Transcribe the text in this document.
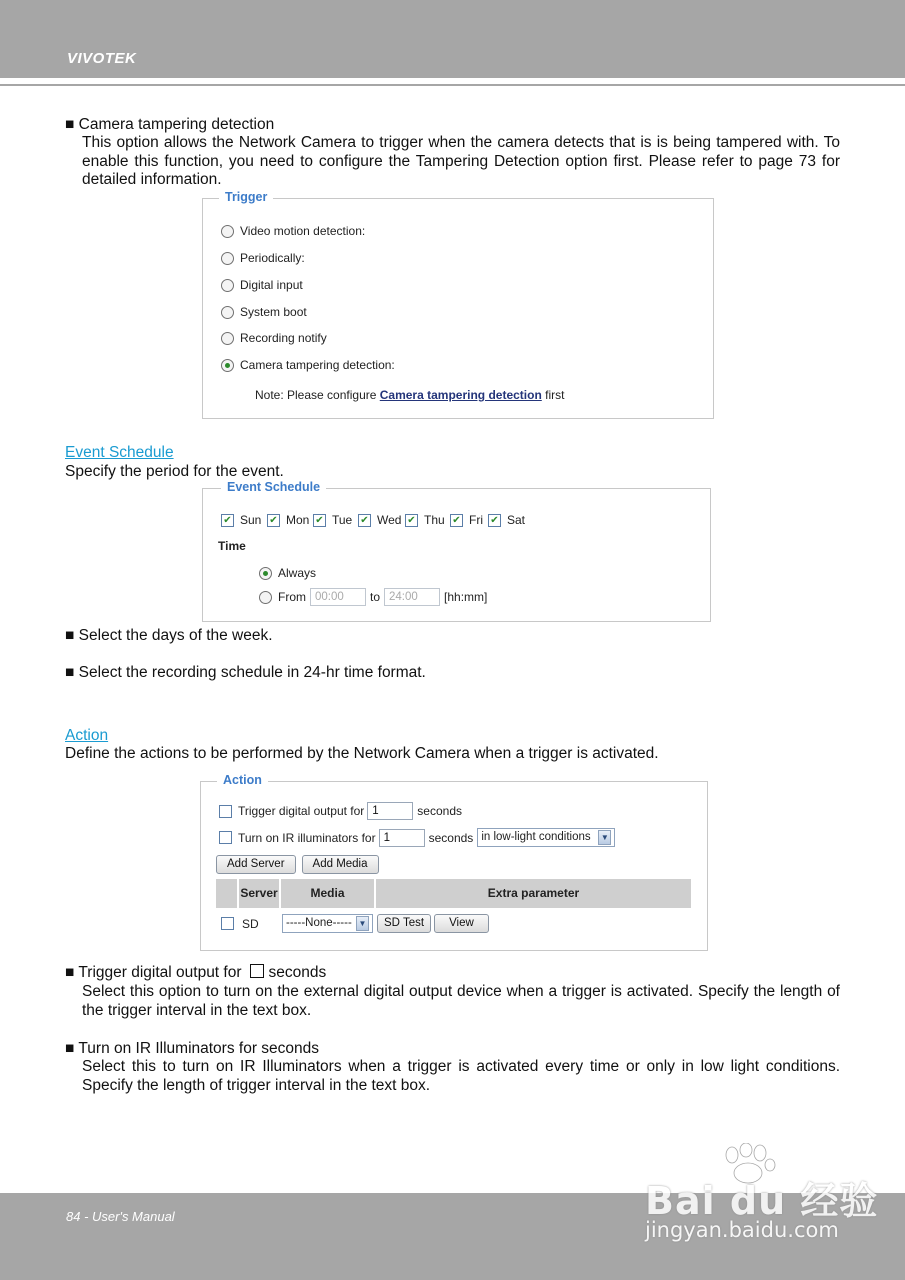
VIVOTEK
■ Camera tampering detection
This option allows the Network Camera to trigger when the camera detects that is is being tampered with. To enable this function, you need to configure the Tampering Detection option first. Please refer to page 73 for detailed information.
Trigger
Video motion detection:
Periodically:
Digital input
System boot
Recording notify
Camera tampering detection:
Note: Please configure Camera tampering detection first
Event Schedule
Specify the period for the event.
Event Schedule
✔ Sun ✔ Mon ✔ Tue ✔ Wed ✔ Thu ✔ Fri ✔ Sat
Time
Always
From 00:00	to 24:00	[hh:mm]
■ Select the days of the week.
■ Select the recording schedule in 24-hr time format.
Action
Define the actions to be performed by the Network Camera when a trigger is activated.
Action
Trigger digital output for 1	seconds
Turn on IR illuminators for 1	seconds in low-light conditions	▼
Add Server	Add Media
Server	Media	Extra parameter
SD	-----None----- ▼	SD Test	View
■ Trigger digital output for seconds
Select this option to turn on the external digital output device when a trigger is activated. Specify the length of the trigger interval in the text box.
■ Turn on IR Illuminators for seconds
Select this to turn on IR Illuminators when a trigger is activated every time or only in low light conditions. Specify the length of trigger interval in the text box.
84 - User's Manual	Bai du 经验
jingyan.baidu.com
